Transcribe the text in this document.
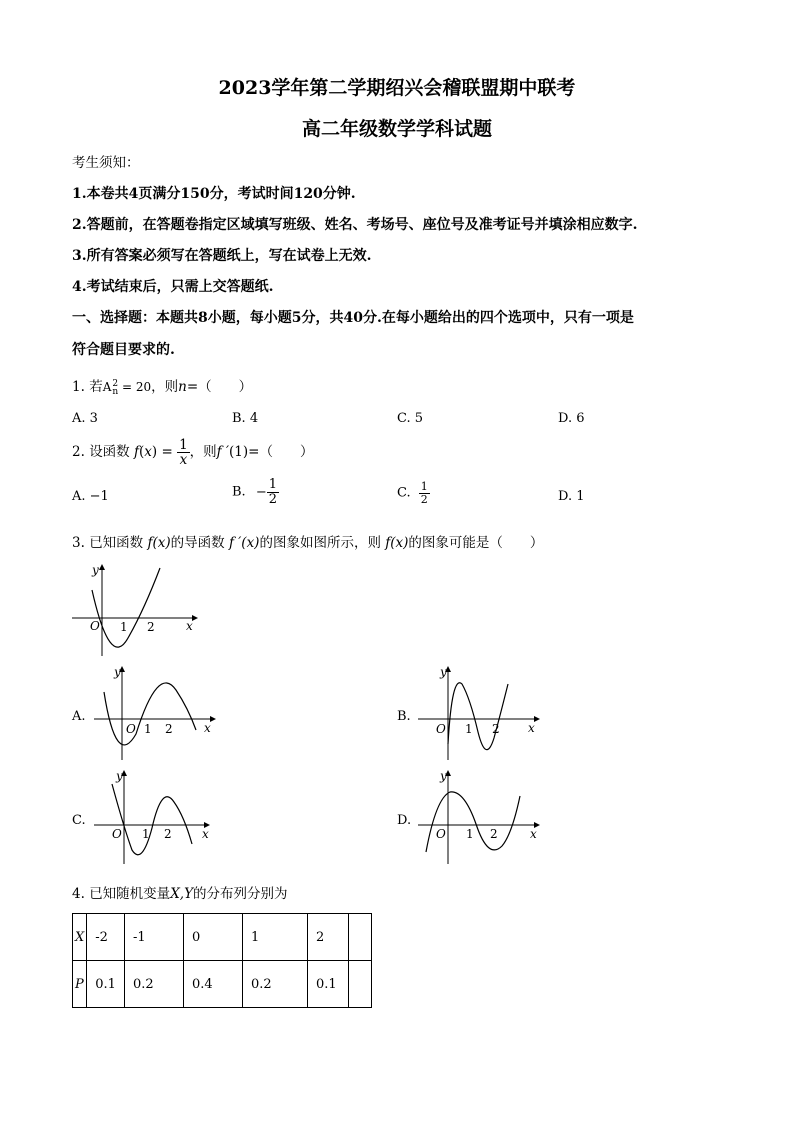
2023学年第二学期绍兴会稽联盟期中联考
高二年级数学学科试题
考生须知：
1.本卷共4页满分150分，考试时间120分钟.
2.答题前，在答题卷指定区域填写班级、姓名、考场号、座位号及准考证号并填涂相应数字.
3.所有答案必须写在答题纸上，写在试卷上无效.
4.考试结束后，只需上交答题纸.
一、选择题：本题共8小题，每小题5分，共40分.在每小题给出的四个选项中，只有一项是
符合题目要求的.
1. 若A 2
n = 20，则n=（　　）
A. 3	B. 4	C. 5	D. 6
2. 设函数 $f(x) = \frac{1}{x}$ ，则f ′(1)=（　　）
A. −1	B. − $\frac{1}{2}$	C. $\frac{1}{2}$	D. 1
3. 已知函数 f(x)的导函数 f ′(x)的图象如图所示，则 f(x)的图象可能是（　　）
y
x
O 1 2
A.
y
x
O 1 2
B.
y
x
O 1 2
C.
y
x
O 1 2
D.
y
x
O 1 2
4. 已知随机变量X,Y的分布列分别为
X	-2	-1	0	1	2	
P	0.1	0.2	0.4	0.2	0.1	
